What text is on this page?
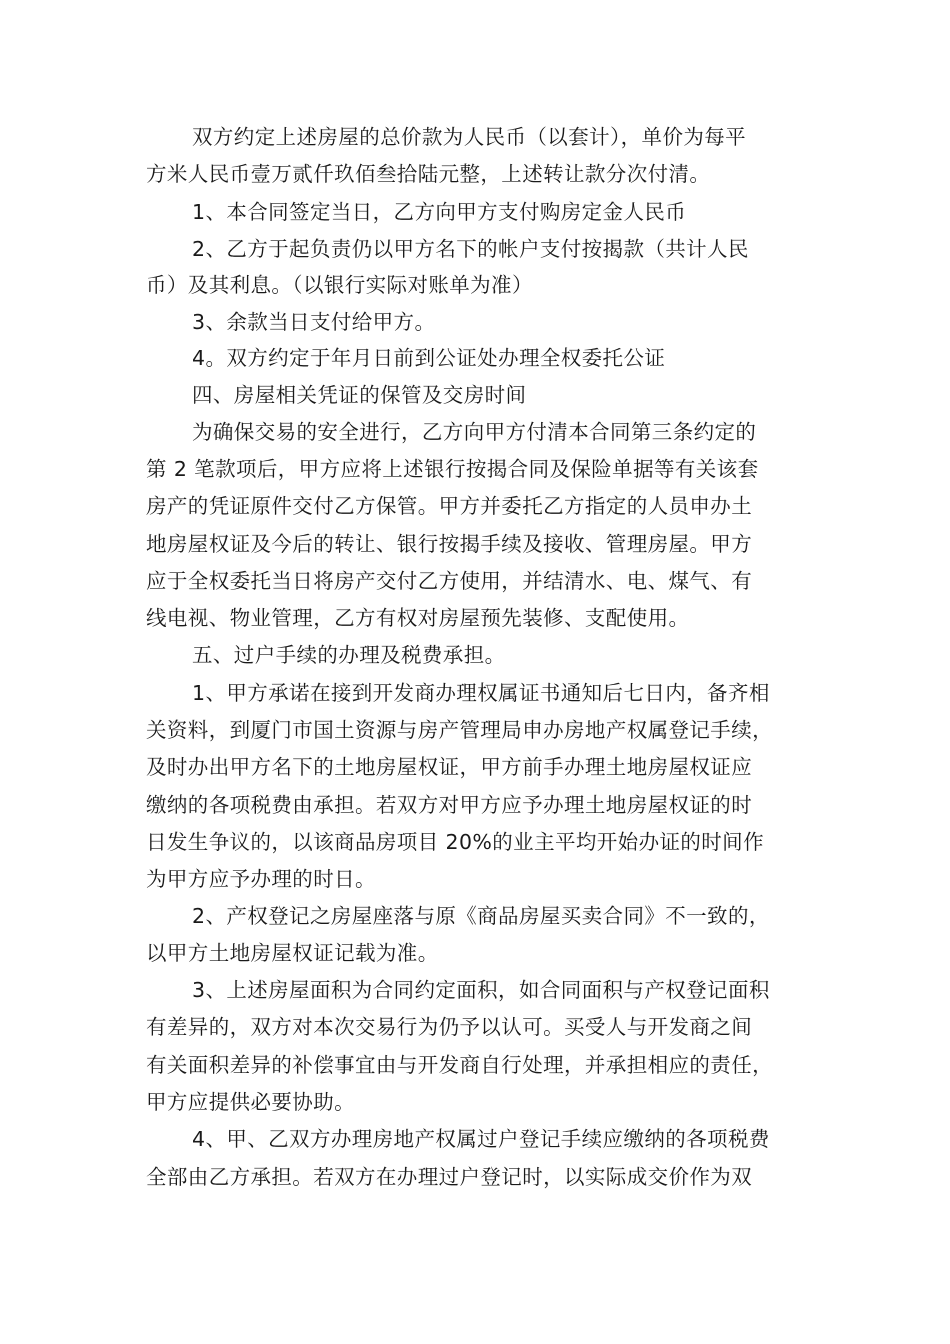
双方约定上述房屋的总价款为人民币（以套计），单价为每平
方米人民币壹万贰仟玖佰叁拾陆元整，上述转让款分次付清。
1、本合同签定当日，乙方向甲方支付购房定金人民币
2、乙方于起负责仍以甲方名下的帐户支付按揭款（共计人民
币）及其利息。（以银行实际对账单为准）
3、余款当日支付给甲方。
4。双方约定于年月日前到公证处办理全权委托公证
四、房屋相关凭证的保管及交房时间
为确保交易的安全进行，乙方向甲方付清本合同第三条约定的
第 2 笔款项后，甲方应将上述银行按揭合同及保险单据等有关该套
房产的凭证原件交付乙方保管。甲方并委托乙方指定的人员申办土
地房屋权证及今后的转让、银行按揭手续及接收、管理房屋。甲方
应于全权委托当日将房产交付乙方使用，并结清水、电、煤气、有
线电视、物业管理，乙方有权对房屋预先装修、支配使用。
五、过户手续的办理及税费承担。
1、甲方承诺在接到开发商办理权属证书通知后七日内，备齐相
关资料，到厦门市国土资源与房产管理局申办房地产权属登记手续，
及时办出甲方名下的土地房屋权证，甲方前手办理土地房屋权证应
缴纳的各项税费由承担。若双方对甲方应予办理土地房屋权证的时
日发生争议的，以该商品房项目 20%的业主平均开始办证的时间作
为甲方应予办理的时日。
2、产权登记之房屋座落与原《商品房屋买卖合同》不一致的，
以甲方土地房屋权证记载为准。
3、上述房屋面积为合同约定面积，如合同面积与产权登记面积
有差异的，双方对本次交易行为仍予以认可。买受人与开发商之间
有关面积差异的补偿事宜由与开发商自行处理，并承担相应的责任，
甲方应提供必要协助。
4、甲、乙双方办理房地产权属过户登记手续应缴纳的各项税费
全部由乙方承担。若双方在办理过户登记时，以实际成交价作为双
